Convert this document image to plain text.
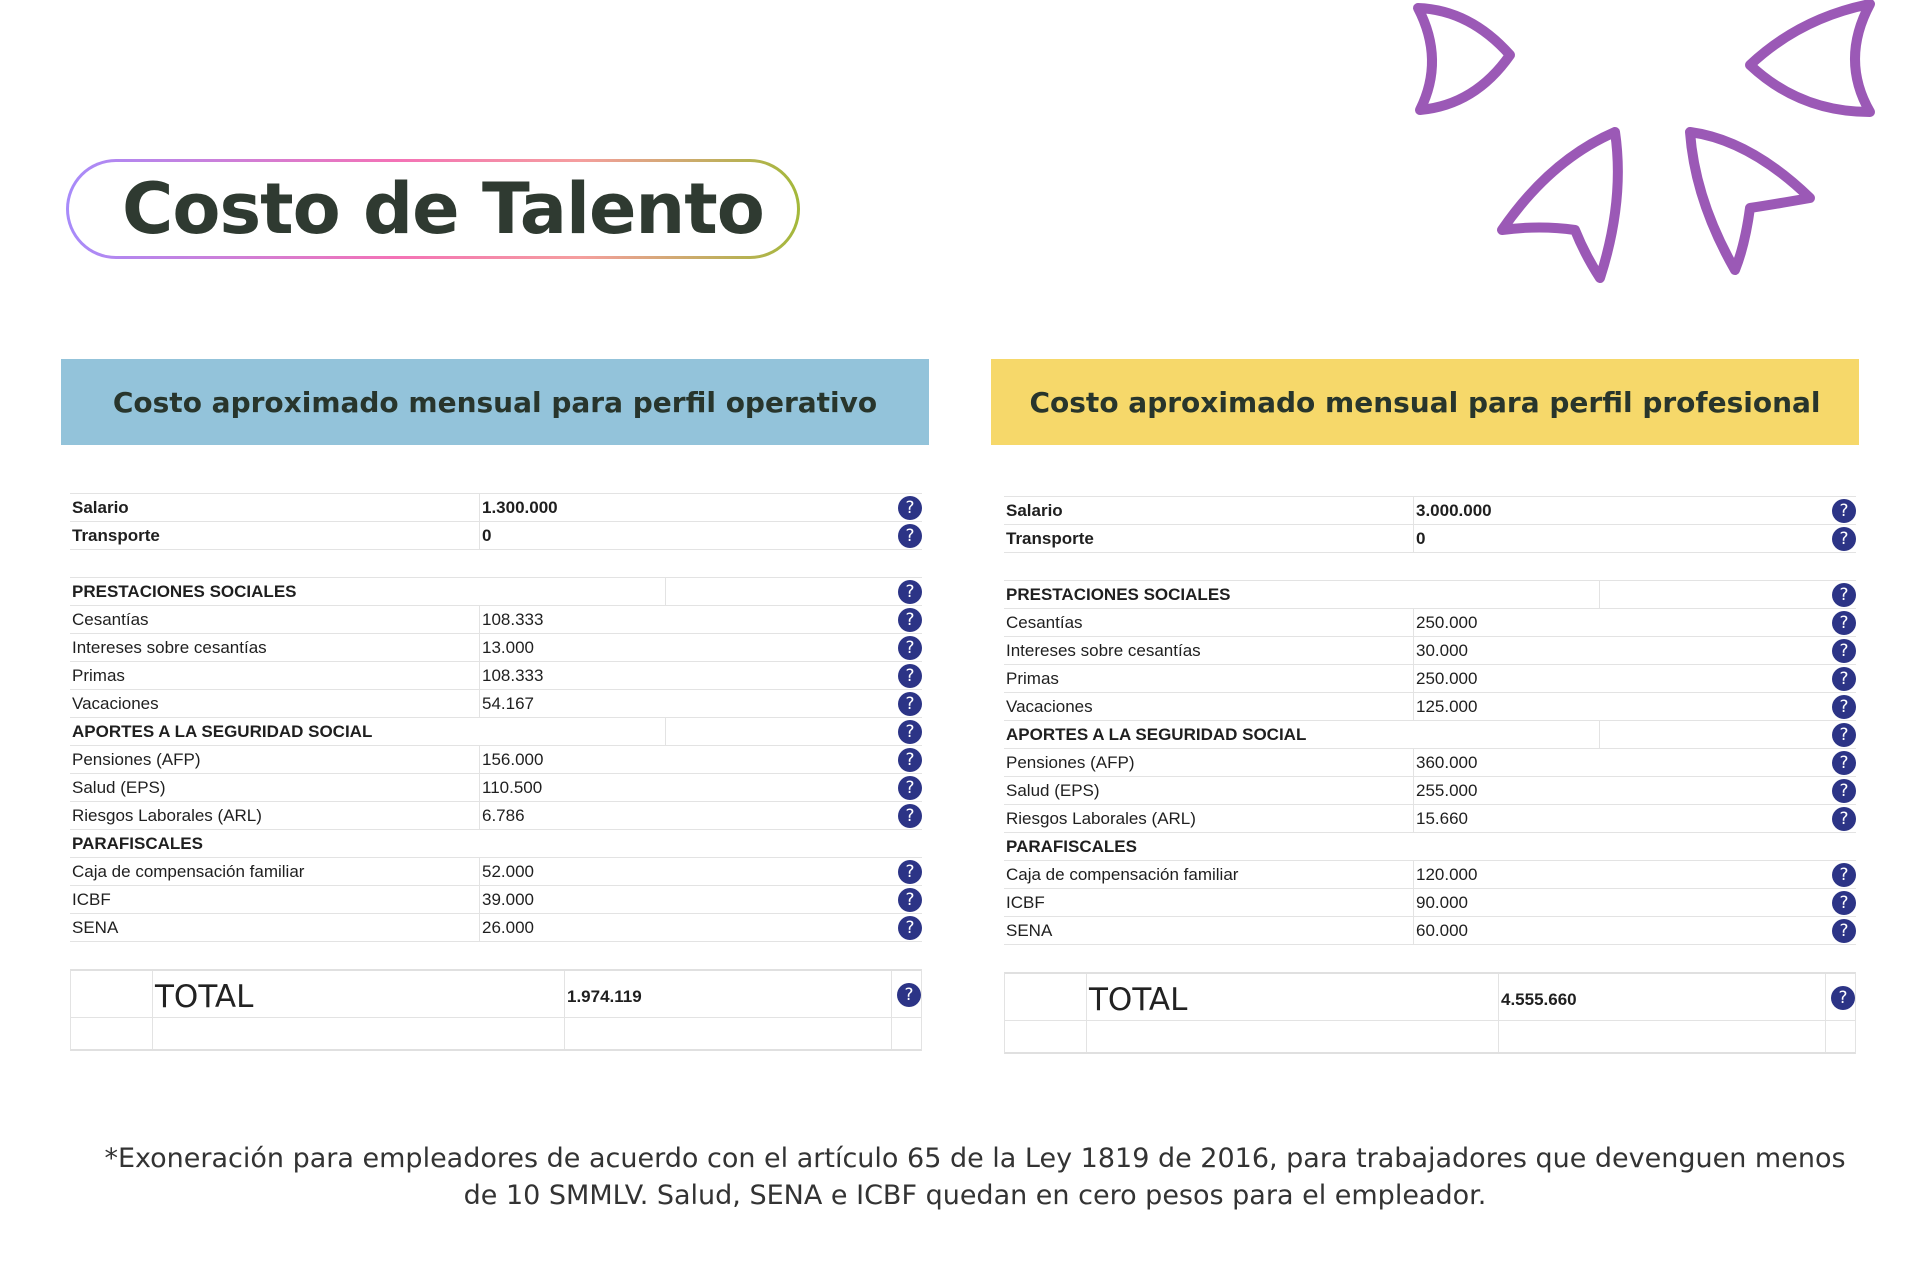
Costo de Talento
Costo aproximado mensual para perfil operativo	Costo aproximado mensual para perfil profesional
Salario	1.300.000	?
Transporte	0	?
PRESTACIONES SOCIALES	?
Cesantías	108.333	?
Intereses sobre cesantías	13.000	?
Primas	108.333	?
Vacaciones	54.167	?
APORTES A LA SEGURIDAD SOCIAL	?
Pensiones (AFP)	156.000	?
Salud (EPS)	110.500	?
Riesgos Laborales (ARL)	6.786	?
PARAFISCALES
Caja de compensación familiar	52.000	?
ICBF	39.000	?
SENA	26.000	?
TOTAL	1.974.119	?
Salario	3.000.000	?
Transporte	0	?
PRESTACIONES SOCIALES	?
Cesantías	250.000	?
Intereses sobre cesantías	30.000	?
Primas	250.000	?
Vacaciones	125.000	?
APORTES A LA SEGURIDAD SOCIAL	?
Pensiones (AFP)	360.000	?
Salud (EPS)	255.000	?
Riesgos Laborales (ARL)	15.660	?
PARAFISCALES
Caja de compensación familiar	120.000	?
ICBF	90.000	?
SENA	60.000	?
TOTAL	4.555.660	?
*Exoneración para empleadores de acuerdo con el artículo 65 de la Ley 1819 de 2016, para trabajadores que devenguen menos de 10 SMMLV. Salud, SENA e ICBF quedan en cero pesos para el empleador.
